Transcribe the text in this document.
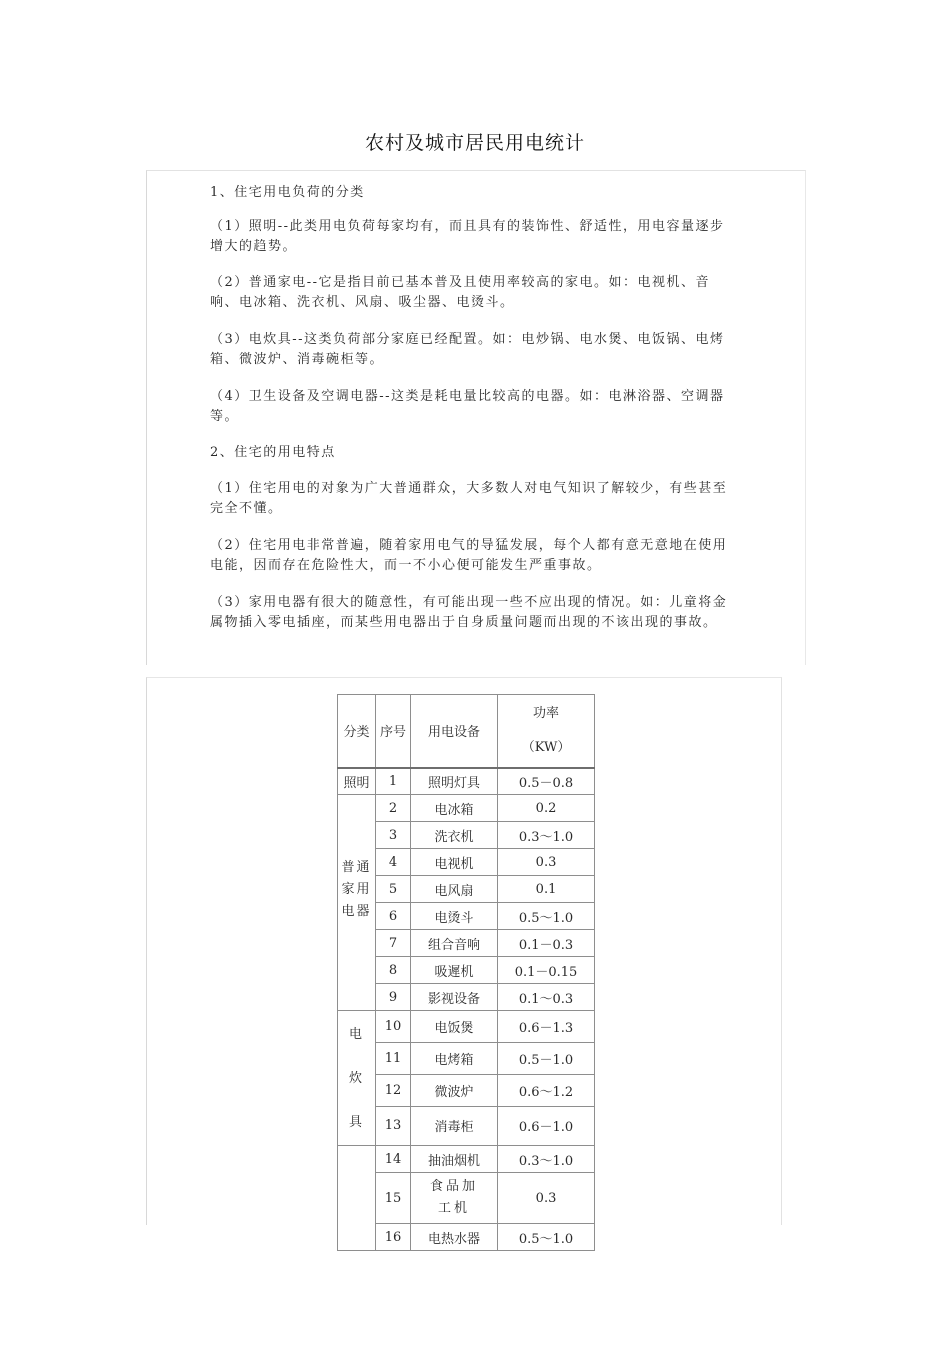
农村及城市居民用电统计

1、住宅用电负荷的分类

（1）照明--此类用电负荷每家均有，而且具有的装饰性、舒适性，用电容量逐步增大的趋势。

（2）普通家电--它是指目前已基本普及且使用率较高的家电。如：电视机、音响、电冰箱、洗衣机、风扇、吸尘器、电烫斗。

（3）电炊具--这类负荷部分家庭已经配置。如：电炒锅、电水煲、电饭锅、电烤箱、微波炉、消毒碗柜等。

（4）卫生设备及空调电器--这类是耗电量比较高的电器。如：电淋浴器、空调器等。

2、住宅的用电特点

（1）住宅用电的对象为广大普通群众，大多数人对电气知识了解较少，有些甚至完全不懂。

（2）住宅用电非常普遍，随着家用电气的导猛发展，每个人都有意无意地在使用电能，因而存在危险性大，而一不小心便可能发生严重事故。

（3）家用电器有很大的随意性，有可能出现一些不应出现的情况。如：儿童将金属物插入零电插座，而某些用电器出于自身质量问题而出现的不该出现的事故。

分类	序号	用电设备	功率
（KW）

照明	1	照明灯具	0.5－0.8
普通家用电器	2	电冰箱	0.2
	3	洗衣机	0.3～1.0
	4	电视机	0.3
	5	电风扇	0.1
	6	电烫斗	0.5～1.0
	7	组合音响	0.1－0.3
	8	吸遲机	0.1－0.15
	9	影视设备	0.1～0.3
电炊具	10	电饭煲	0.6－1.3
	11	电烤箱	0.5－1.0
	12	微波炉	0.6～1.2
	13	消毒柜	0.6－1.0
	14	抽油烟机	0.3～1.0
	15	食品加工机	0.3
	16	电热水器	0.5～1.0
